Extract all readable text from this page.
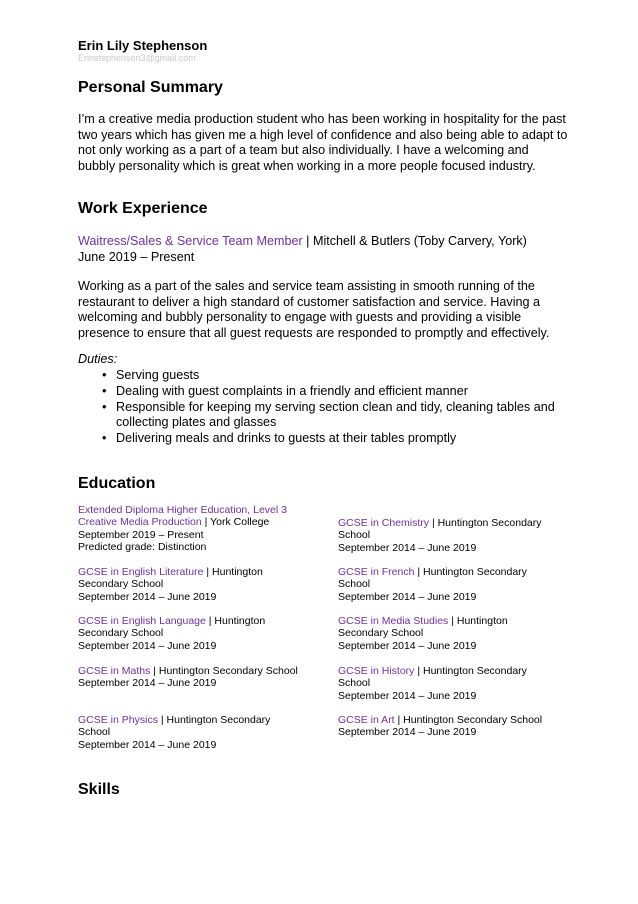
Erin Lily Stephenson
Erinstephenson3@gmail.com
Personal Summary

I’m a creative media production student who has been working in hospitality for the past two years which has given me a high level of confidence and also being able to adapt to not only working as a part of a team but also individually. I have a welcoming and bubbly personality which is great when working in a more people focused industry.

Work Experience
Waitress/Sales & Service Team Member | Mitchell & Butlers (Toby Carvery, York)
June 2019 – Present

Working as a part of the sales and service team assisting in smooth running of the restaurant to deliver a high standard of customer satisfaction and service. Having a welcoming and bubbly personality to engage with guests and providing a visible presence to ensure that all guest requests are responded to promptly and effectively.

Duties:
• Serving guests
• Dealing with guest complaints in a friendly and efficient manner
• Responsible for keeping my serving section clean and tidy, cleaning tables and collecting plates and glasses
• Delivering meals and drinks to guests at their tables promptly
Education
Extended Diploma Higher Education, Level 3 Creative Media Production | York College
September 2019 – Present
Predicted grade: Distinction
GCSE in English Literature | Huntington Secondary School
September 2014 – June 2019
GCSE in English Language | Huntington Secondary School
September 2014 – June 2019
GCSE in Maths | Huntington Secondary School
September 2014 – June 2019
GCSE in Physics | Huntington Secondary School
September 2014 – June 2019
GCSE in Chemistry | Huntington Secondary School
September 2014 – June 2019
GCSE in French | Huntington Secondary School
September 2014 – June 2019
GCSE in Media Studies | Huntington Secondary School
September 2014 – June 2019
GCSE in History | Huntington Secondary School
September 2014 – June 2019
GCSE in Art | Huntington Secondary School
September 2014 – June 2019
Skills
